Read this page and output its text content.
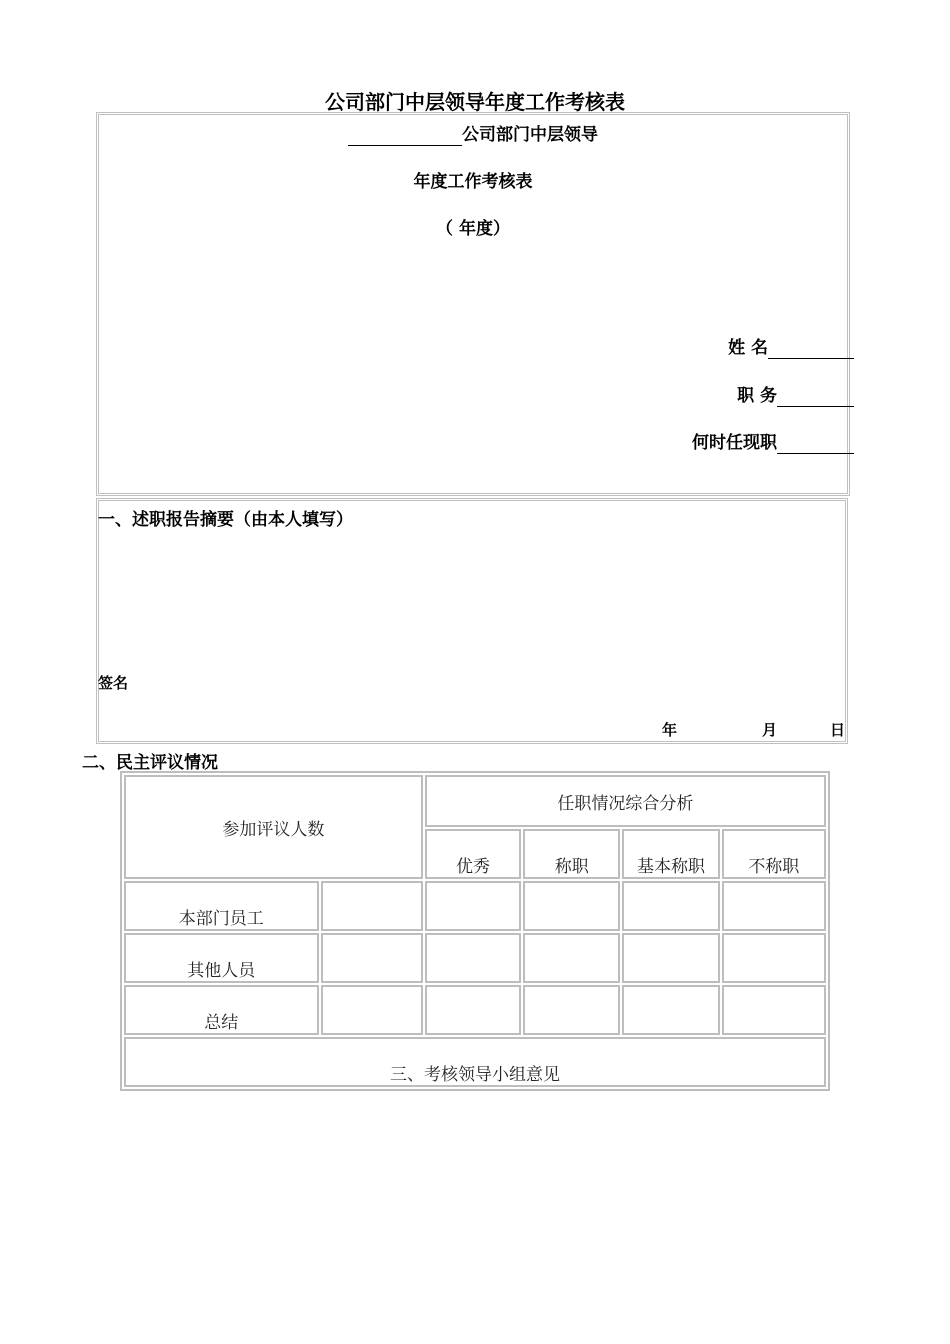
公司部门中层领导年度工作考核表
公司部门中层领导
年度工作考核表
（ 年度）
姓 名
职 务
何时任现职
一、述职报告摘要（由本人填写）
签名
年	月	日
二、民主评议情况
参加评议人数		任职情况综合分析			
		优秀	称职	基本称职	不称职
本部门员工					
其他人员					
总结					
三、考核领导小组意见					
